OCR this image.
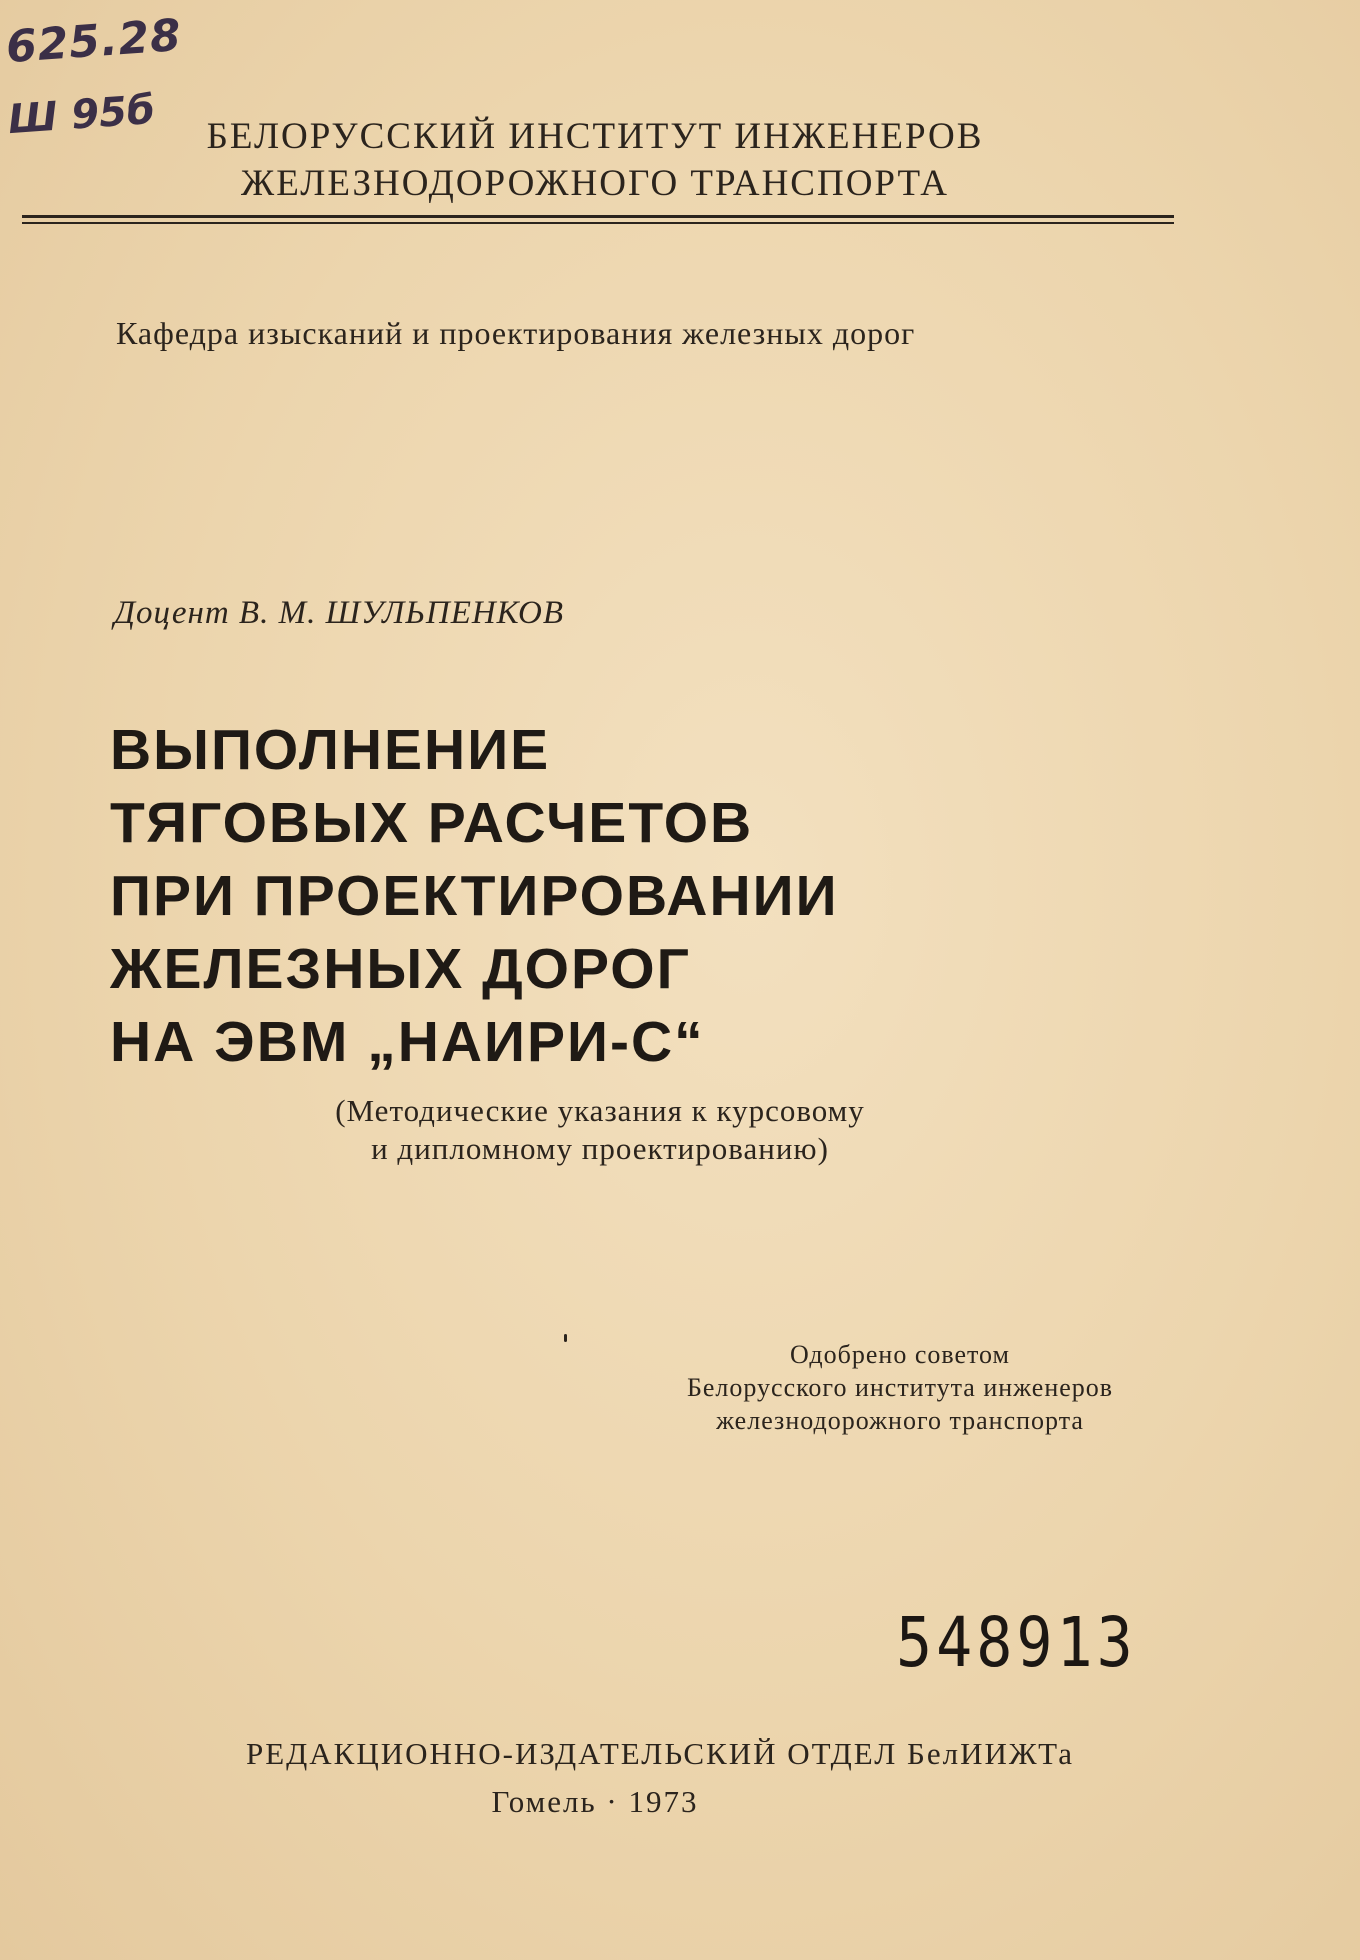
625.28
Ш 95б	БЕЛОРУССКИЙ ИНСТИТУТ ИНЖЕНЕРОВ
ЖЕЛЕЗНОДОРОЖНОГО ТРАНСПОРТА
Кафедра изысканий и проектирования железных дорог
Доцент В. М. ШУЛЬПЕНКОВ
ВЫПОЛНЕНИЕ
ТЯГОВЫХ РАСЧЕТОВ
ПРИ ПРОЕКТИРОВАНИИ
ЖЕЛЕЗНЫХ ДОРОГ
НА ЭВМ „НАИРИ-С“
(Методические указания к курсовому
и дипломному проектированию)
Одобрено советом
Белорусского института инженеров
железнодорожного транспорта
548913
РЕДАКЦИОННО-ИЗДАТЕЛЬСКИЙ ОТДЕЛ БелИИЖТа
Гомель · 1973
